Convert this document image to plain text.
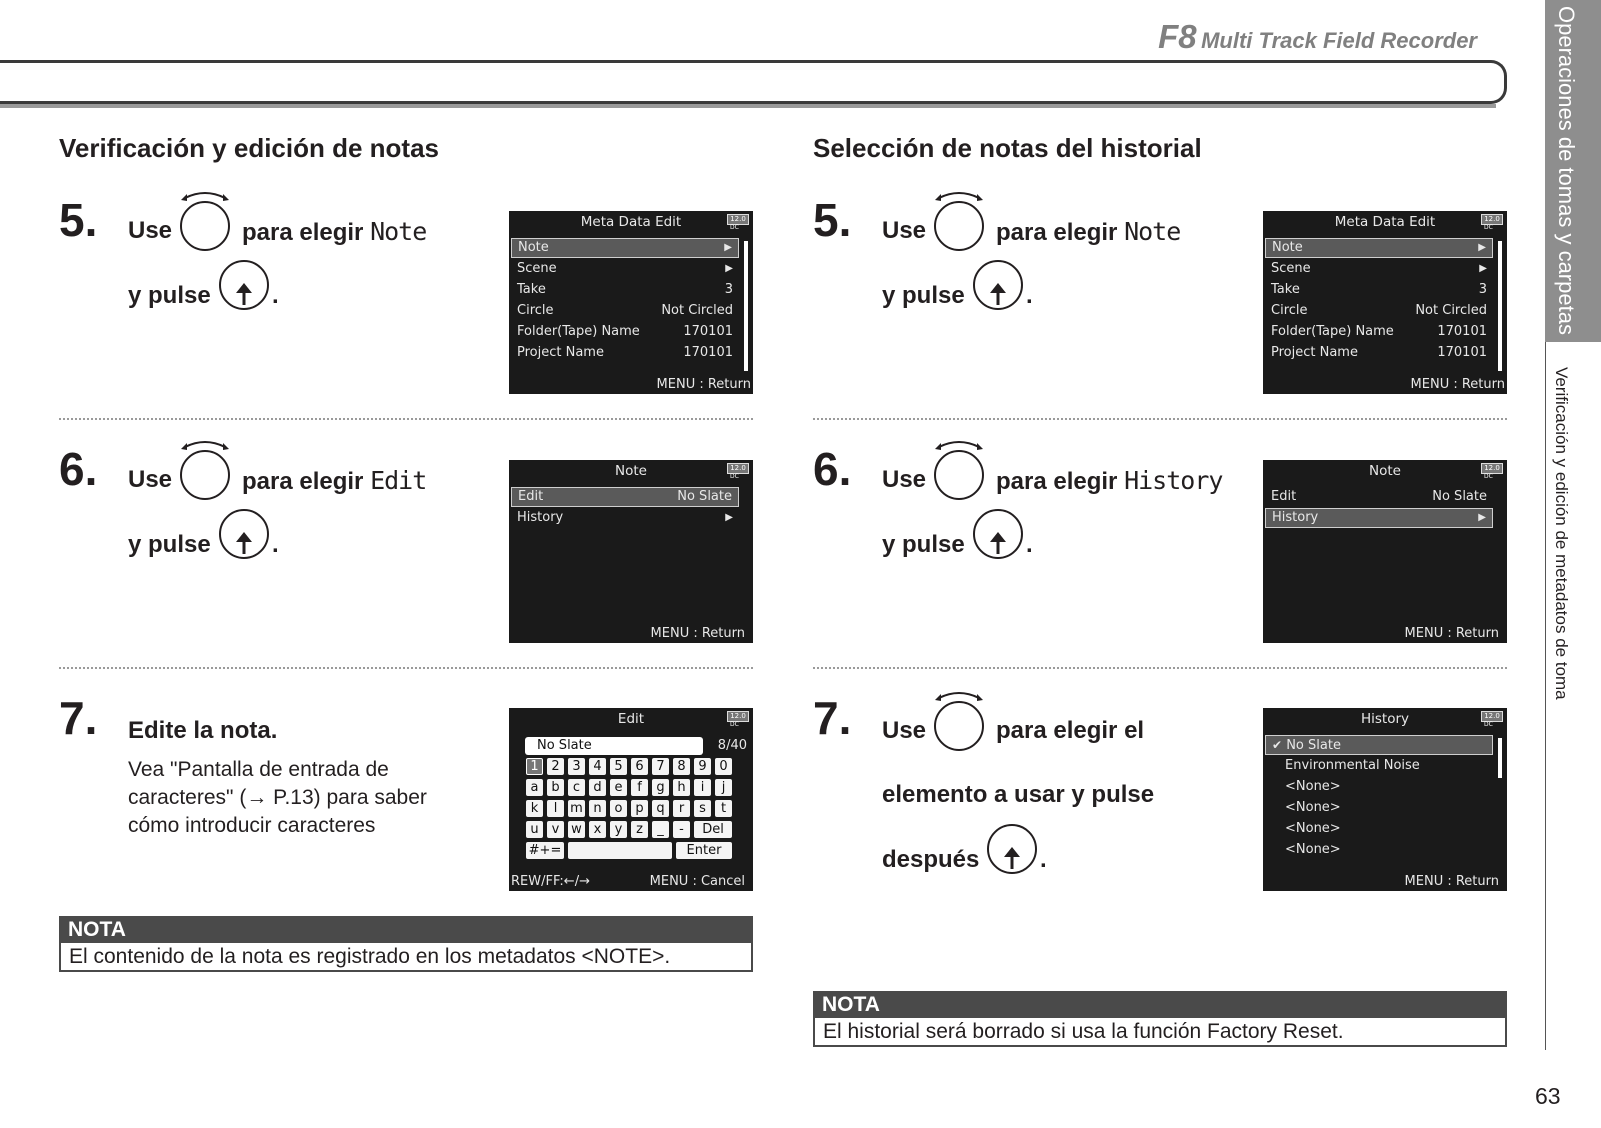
F8 Multi Track Field Recorder	Operaciones de tomas y carpetas
Verificación y edición de metadatos de toma
63
Verificación y edición de notas
5. Use	para elegir Note
y pulse	.
Meta Data Edit	12.0
DC
Note	▶
Scene	▶
Take	3
Circle	Not Circled
Folder(Tape) Name	170101
Project Name	170101
MENU : Return
6. Use	para elegir Edit
y pulse	.
Note	12.0
DC
Edit	No Slate
History	▶
MENU : Return
7. Edite la nota.
Vea "Pantalla de entrada de
caracteres" (→ P.13) para saber
cómo introducir caracteres
Edit	12.0
DC
No Slate	8/40
1 2 3 4 5 6 7 8 9 0
a b	c	d e	f	g h	i	j
k	l m n o p q	r	s	t
u	v w x	y	z	_	-	Del
#+=	Enter
REW/FF:←/→	MENU : Cancel
NOTA
El contenido de la nota es registrado en los metadatos <NOTE>.
Selección de notas del historial
5. Use	para elegir Note
y pulse	.
Meta Data Edit	12.0
DC
Note	▶
Scene	▶
Take	3
Circle	Not Circled
Folder(Tape) Name	170101
Project Name	170101
MENU : Return
6. Use	para elegir History
y pulse	.
Note	12.0
DC
Edit	No Slate
History	▶
MENU : Return
7. Use	para elegir el
elemento a usar y pulse
después	.
History	12.0
DC
✔ No Slate
Environmental Noise
<None>
<None>
<None>
<None>
MENU : Return
NOTA
El historial será borrado si usa la función Factory Reset.
